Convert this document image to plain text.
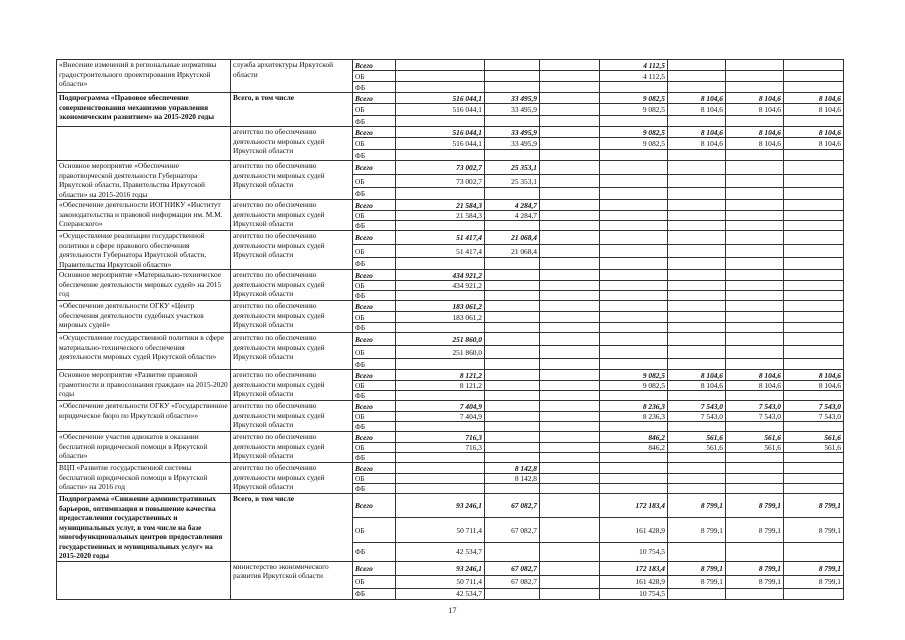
«Внесение изменений в региональные нормативы градостроительного проектирования Иркутской области»	служба архитектуры Иркутской области	Всего				4 112,5			
		ОБ				4 112,5			
		ФБ							
Подпрограмма «Правовое обеспечение совершенствования механизмов управления экономическим развитием» на 2015-2020 годы	Всего, в том числе	Всего	516 044,1	33 495,9		9 082,5	8 104,6	8 104,6	8 104,6
		ОБ	516 044,1	33 495,9		9 082,5	8 104,6	8 104,6	8 104,6
		ФБ							
	агентство по обеспечению деятельности мировых судей Иркутской области	Всего	516 044,1	33 495,9		9 082,5	8 104,6	8 104,6	8 104,6
		ОБ	516 044,1	33 495,9		9 082,5	8 104,6	8 104,6	8 104,6
		ФБ							
Основное мероприятие «Обеспечение правотворческой деятельности Губернатора Иркутской области, Правительства Иркутской области» на 2015-2016 годы	агентство по обеспечению деятельности мировых судей Иркутской области	Всего	73 002,7	25 353,1					
		ОБ	73 002,7	25 353,1					
		ФБ							
«Обеспечение деятельности ИОГНИКУ «Институт законодательства и правовой информации им. М.М. Сперанского»	агентство по обеспечению деятельности мировых судей Иркутской области	Всего	21 584,3	4 284,7					
		ОБ	21 584,3	4 284,7					
		ФБ							
«Осуществление реализации государственной политики в сфере правового обеспечения деятельности Губернатора Иркутской области, Правительства Иркутской области»	агентство по обеспечению деятельности мировых судей Иркутской области	Всего	51 417,4	21 068,4					
		ОБ	51 417,4	21 068,4					
		ФБ							
Основное мероприятие «Материально-техническое обеспечение деятельности мировых судей» на 2015 год	агентство по обеспечению деятельности мировых судей Иркутской области	Всего	434 921,2						
		ОБ	434 921,2						
		ФБ							
«Обеспечение деятельности ОГКУ «Центр обеспечения деятельности судебных участков мировых судей»	агентство по обеспечению деятельности мировых судей Иркутской области	Всего	183 061,2						
		ОБ	183 061,2						
		ФБ							
«Осуществление государственной политики в сфере материально-технического обеспечения деятельности мировых судей Иркутской области»	агентство по обеспечению деятельности мировых судей Иркутской области	Всего	251 860,0						
		ОБ	251 860,0						
		ФБ							
Основное мероприятие «Развитие правовой грамотности и правосознания граждан» на 2015-2020 годы	агентство по обеспечению деятельности мировых судей Иркутской области	Всего	8 121,2			9 082,5	8 104,6	8 104,6	8 104,6
		ОБ	8 121,2			9 082,5	8 104,6	8 104,6	8 104,6
		ФБ							
«Обеспечение деятельности ОГКУ «Государственное юридическое бюро по Иркутской области»»	агентство по обеспечению деятельности мировых судей Иркутской области	Всего	7 404,9			8 236,3	7 543,0	7 543,0	7 543,0
		ОБ	7 404,9			8 236,3	7 543,0	7 543,0	7 543,0
		ФБ							
«Обеспечение участия адвокатов в оказании бесплатной юридической помощи в Иркутской области»	агентство по обеспечению деятельности мировых судей Иркутской области	Всего	716,3			846,2	561,6	561,6	561,6
		ОБ	716,3			846,2	561,6	561,6	561,6
		ФБ							
ВЦП «Развитие государственной системы бесплатной юридической помощи в Иркутской области» на 2016 год	агентство по обеспечению деятельности мировых судей Иркутской области	Всего		8 142,8					
		ОБ		8 142,8					
		ФБ							
Подпрограмма «Снижение административных барьеров, оптимизация и повышение качества предоставления государственных и муниципальных услуг, в том числе на базе многофункциональных центров предоставления государственных и муниципальных услуг» на 2015-2020 годы	Всего, в том числе	Всего	93 246,1	67 082,7		172 183,4	8 799,1	8 799,1	8 799,1
		ОБ	50 711,4	67 082,7		161 428,9	8 799,1	8 799,1	8 799,1
		ФБ	42 534,7			10 754,5			
	министерство экономического развития Иркутской области	Всего	93 246,1	67 082,7		172 183,4	8 799,1	8 799,1	8 799,1
		ОБ	50 711,4	67 082,7		161 428,9	8 799,1	8 799,1	8 799,1
		ФБ	42 534,7			10 754,5			
17
